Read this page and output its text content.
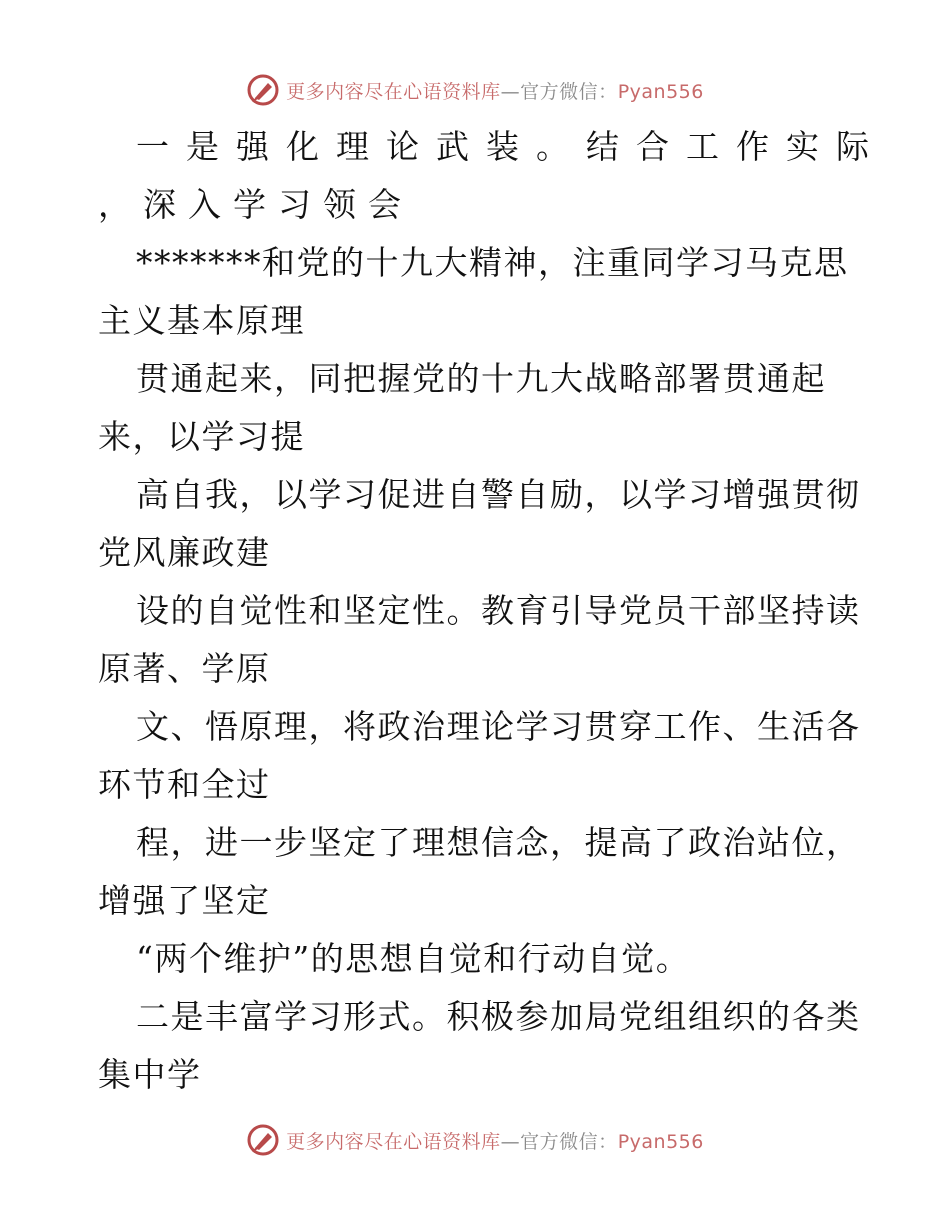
更多内容尽在心语资料库—官方微信：Pyan556
一是强化理论武装。结合工作实际
，深入学习领会
*******和党的十九大精神，注重同学习马克思
主义基本原理
贯通起来，同把握党的十九大战略部署贯通起
来，以学习提
高自我，以学习促进自警自励，以学习增强贯彻
党风廉政建
设的自觉性和坚定性。教育引导党员干部坚持读
原著、学原
文、悟原理，将政治理论学习贯穿工作、生活各
环节和全过
程，进一步坚定了理想信念，提高了政治站位，
增强了坚定
“两个维护”的思想自觉和行动自觉。
二是丰富学习形式。积极参加局党组组织的各类
集中学
更多内容尽在心语资料库—官方微信：Pyan556
